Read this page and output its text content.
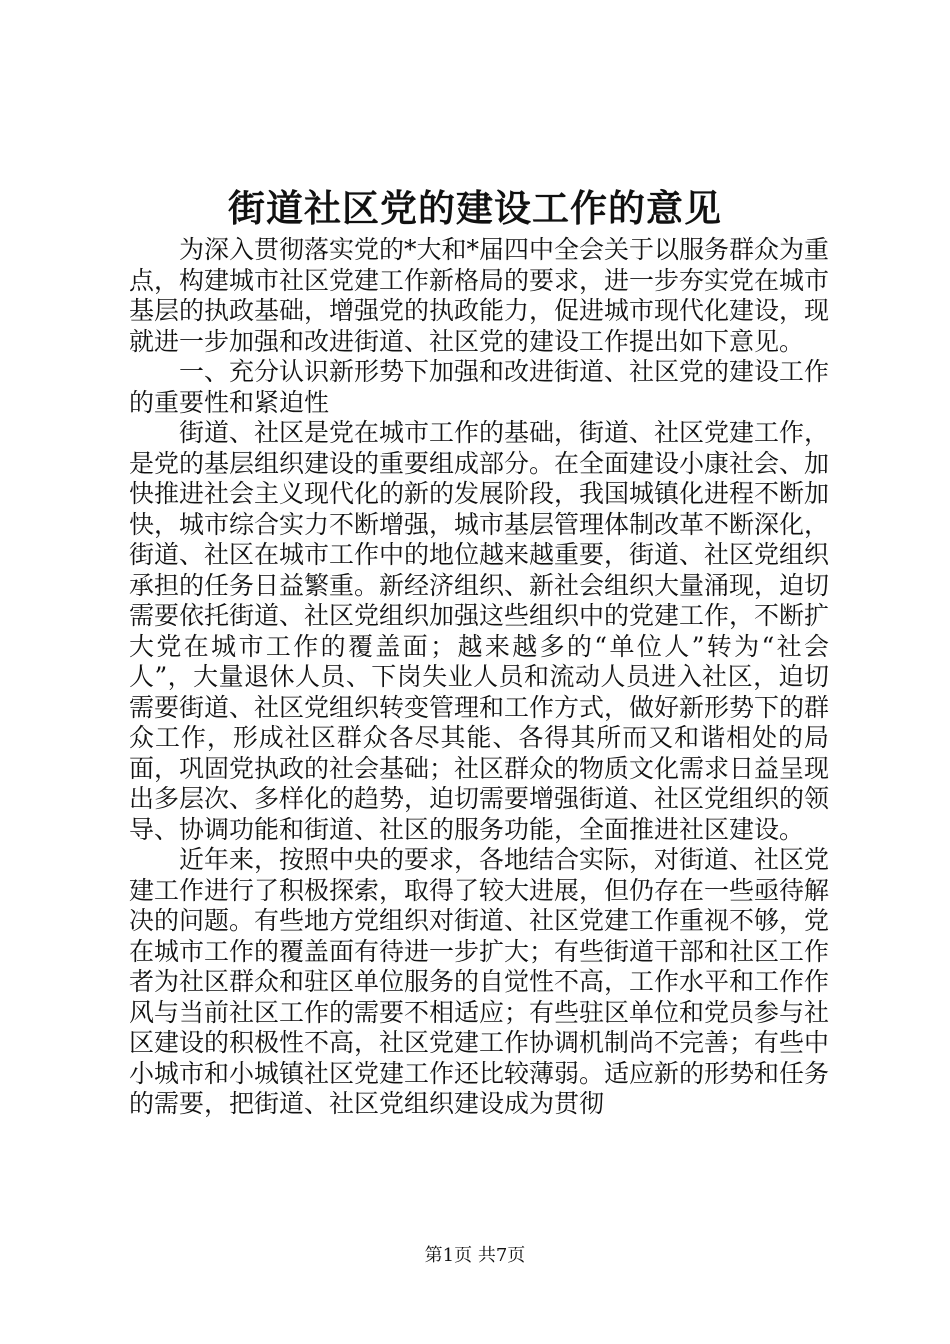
街道社区党的建设工作的意见

为深入贯彻落实党的*大和*届四中全会关于以服务群众为重点，构建城市社区党建工作新格局的要求，进一步夯实党在城市基层的执政基础，增强党的执政能力，促进城市现代化建设，现就进一步加强和改进街道、社区党的建设工作提出如下意见。

一、充分认识新形势下加强和改进街道、社区党的建设工作的重要性和紧迫性

街道、社区是党在城市工作的基础，街道、社区党建工作，是党的基层组织建设的重要组成部分。在全面建设小康社会、加快推进社会主义现代化的新的发展阶段，我国城镇化进程不断加快，城市综合实力不断增强，城市基层管理体制改革不断深化，街道、社区在城市工作中的地位越来越重要，街道、社区党组织承担的任务日益繁重。新经济组织、新社会组织大量涌现，迫切需要依托街道、社区党组织加强这些组织中的党建工作，不断扩大党在城市工作的覆盖面；越来越多的“单位人”转为“社会人”，大量退休人员、下岗失业人员和流动人员进入社区，迫切需要街道、社区党组织转变管理和工作方式，做好新形势下的群众工作，形成社区群众各尽其能、各得其所而又和谐相处的局面，巩固党执政的社会基础；社区群众的物质文化需求日益呈现出多层次、多样化的趋势，迫切需要增强街道、社区党组织的领导、协调功能和街道、社区的服务功能，全面推进社区建设。

近年来，按照中央的要求，各地结合实际，对街道、社区党建工作进行了积极探索，取得了较大进展，但仍存在一些亟待解决的问题。有些地方党组织对街道、社区党建工作重视不够，党在城市工作的覆盖面有待进一步扩大；有些街道干部和社区工作者为社区群众和驻区单位服务的自觉性不高，工作水平和工作作风与当前社区工作的需要不相适应；有些驻区单位和党员参与社区建设的积极性不高，社区党建工作协调机制尚不完善；有些中小城市和小城镇社区党建工作还比较薄弱。适应新的形势和任务的需要，把街道、社区党组织建设成为贯彻

第1页 共7页
